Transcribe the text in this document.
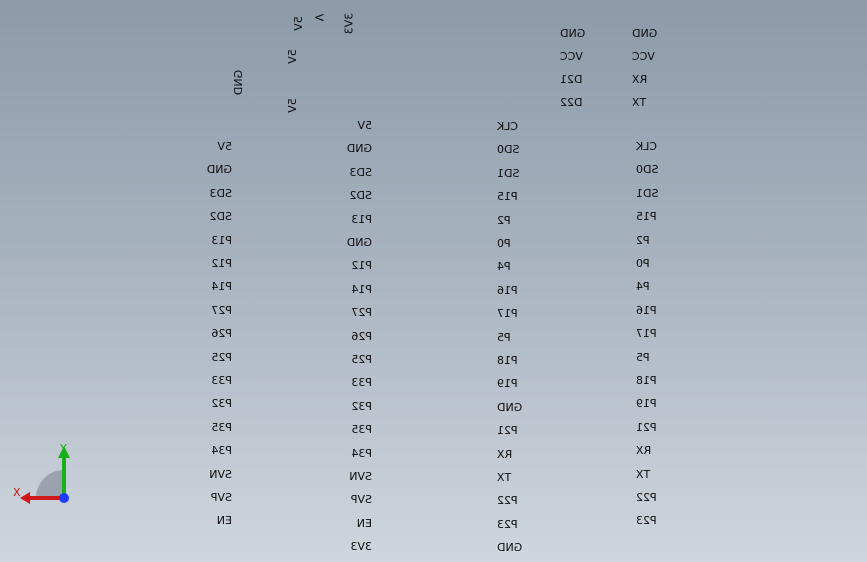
3V3
V
5V
5V
5V
GND
GND
VCC
D21
D22
GND
VCC
RX
TX
5V
GND
SD3
SD2
P13
P12
P14
P27
P26
P25
P33
P32
P35
P34
SVN
SVP
EN
5V
GND
SD3
SD2
P13
GND
P12
P14
P27
P26
P25
P33
P32
P35
P34
SVN
SVP
EN
3V3
CLK
SD0
SD1
P15
P2
P0
P4
P16
P17
P5
P18
P19
GND
P21
RX
TX
P22
P23
GND
CLK
SD0
SD1
P15
P2
P0
P4
P16
P17
P5
P18
P19
P21
RX
TX
P22
P23
X
Y
